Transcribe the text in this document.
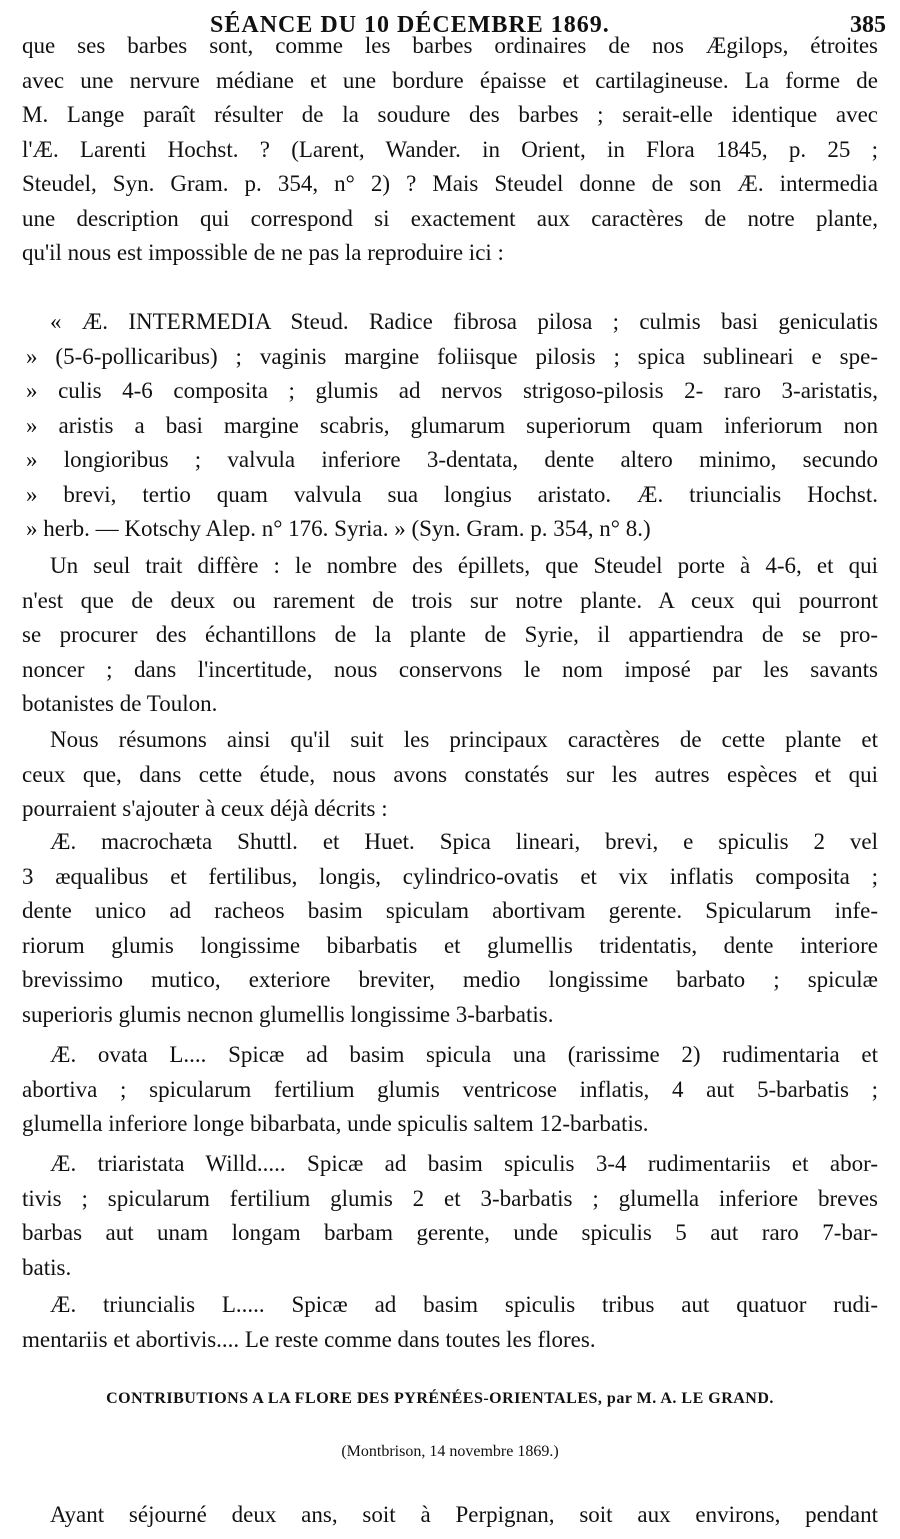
SÉANCE DU 10 DÉCEMBRE 1869.	385
que ses barbes sont, comme les barbes ordinaires de nos Ægilops, étroites
avec une nervure médiane et une bordure épaisse et cartilagineuse. La forme de
M. Lange paraît résulter de la soudure des barbes ; serait-elle identique avec
l'Æ. Larenti Hochst. ? (Larent, Wander. in Orient, in Flora 1845, p. 25 ;
Steudel, Syn. Gram. p. 354, n° 2) ? Mais Steudel donne de son Æ. intermedia
une description qui correspond si exactement aux caractères de notre plante,
qu'il nous est impossible de ne pas la reproduire ici :
« Æ. INTERMEDIA Steud. Radice fibrosa pilosa ; culmis basi geniculatis
» (5-6-pollicaribus) ; vaginis margine foliisque pilosis ; spica sublineari e spe-
» culis 4-6 composita ; glumis ad nervos strigoso-pilosis 2- raro 3-aristatis,
» aristis a basi margine scabris, glumarum superiorum quam inferiorum non
» longioribus ; valvula inferiore 3-dentata, dente altero minimo, secundo
» brevi, tertio quam valvula sua longius aristato. Æ. triuncialis Hochst.
» herb. — Kotschy Alep. n° 176. Syria. » (Syn. Gram. p. 354, n° 8.)
Un seul trait diffère : le nombre des épillets, que Steudel porte à 4-6, et qui
n'est que de deux ou rarement de trois sur notre plante. A ceux qui pourront
se procurer des échantillons de la plante de Syrie, il appartiendra de se pro-
noncer ; dans l'incertitude, nous conservons le nom imposé par les savants
botanistes de Toulon.
Nous résumons ainsi qu'il suit les principaux caractères de cette plante et
ceux que, dans cette étude, nous avons constatés sur les autres espèces et qui
pourraient s'ajouter à ceux déjà décrits :
Æ. macrochæta Shuttl. et Huet. Spica lineari, brevi, e spiculis 2 vel
3 æqualibus et fertilibus, longis, cylindrico-ovatis et vix inflatis composita ;
dente unico ad racheos basim spiculam abortivam gerente. Spicularum infe-
riorum glumis longissime bibarbatis et glumellis tridentatis, dente interiore
brevissimo mutico, exteriore breviter, medio longissime barbato ; spiculæ
superioris glumis necnon glumellis longissime 3-barbatis.
Æ. ovata L.... Spicæ ad basim spicula una (rarissime 2) rudimentaria et
abortiva ; spicularum fertilium glumis ventricose inflatis, 4 aut 5-barbatis ;
glumella inferiore longe bibarbata, unde spiculis saltem 12-barbatis.
Æ. triaristata Willd..... Spicæ ad basim spiculis 3-4 rudimentariis et abor-
tivis ; spicularum fertilium glumis 2 et 3-barbatis ; glumella inferiore breves
barbas aut unam longam barbam gerente, unde spiculis 5 aut raro 7-bar-
batis.
Æ. triuncialis L..... Spicæ ad basim spiculis tribus aut quatuor rudi-
mentariis et abortivis.... Le reste comme dans toutes les flores.
CONTRIBUTIONS A LA FLORE DES PYRÉNÉES-ORIENTALES, par M. A. LE GRAND.
(Montbrison, 14 novembre 1869.)
Ayant séjourné deux ans, soit à Perpignan, soit aux environs, pendant
